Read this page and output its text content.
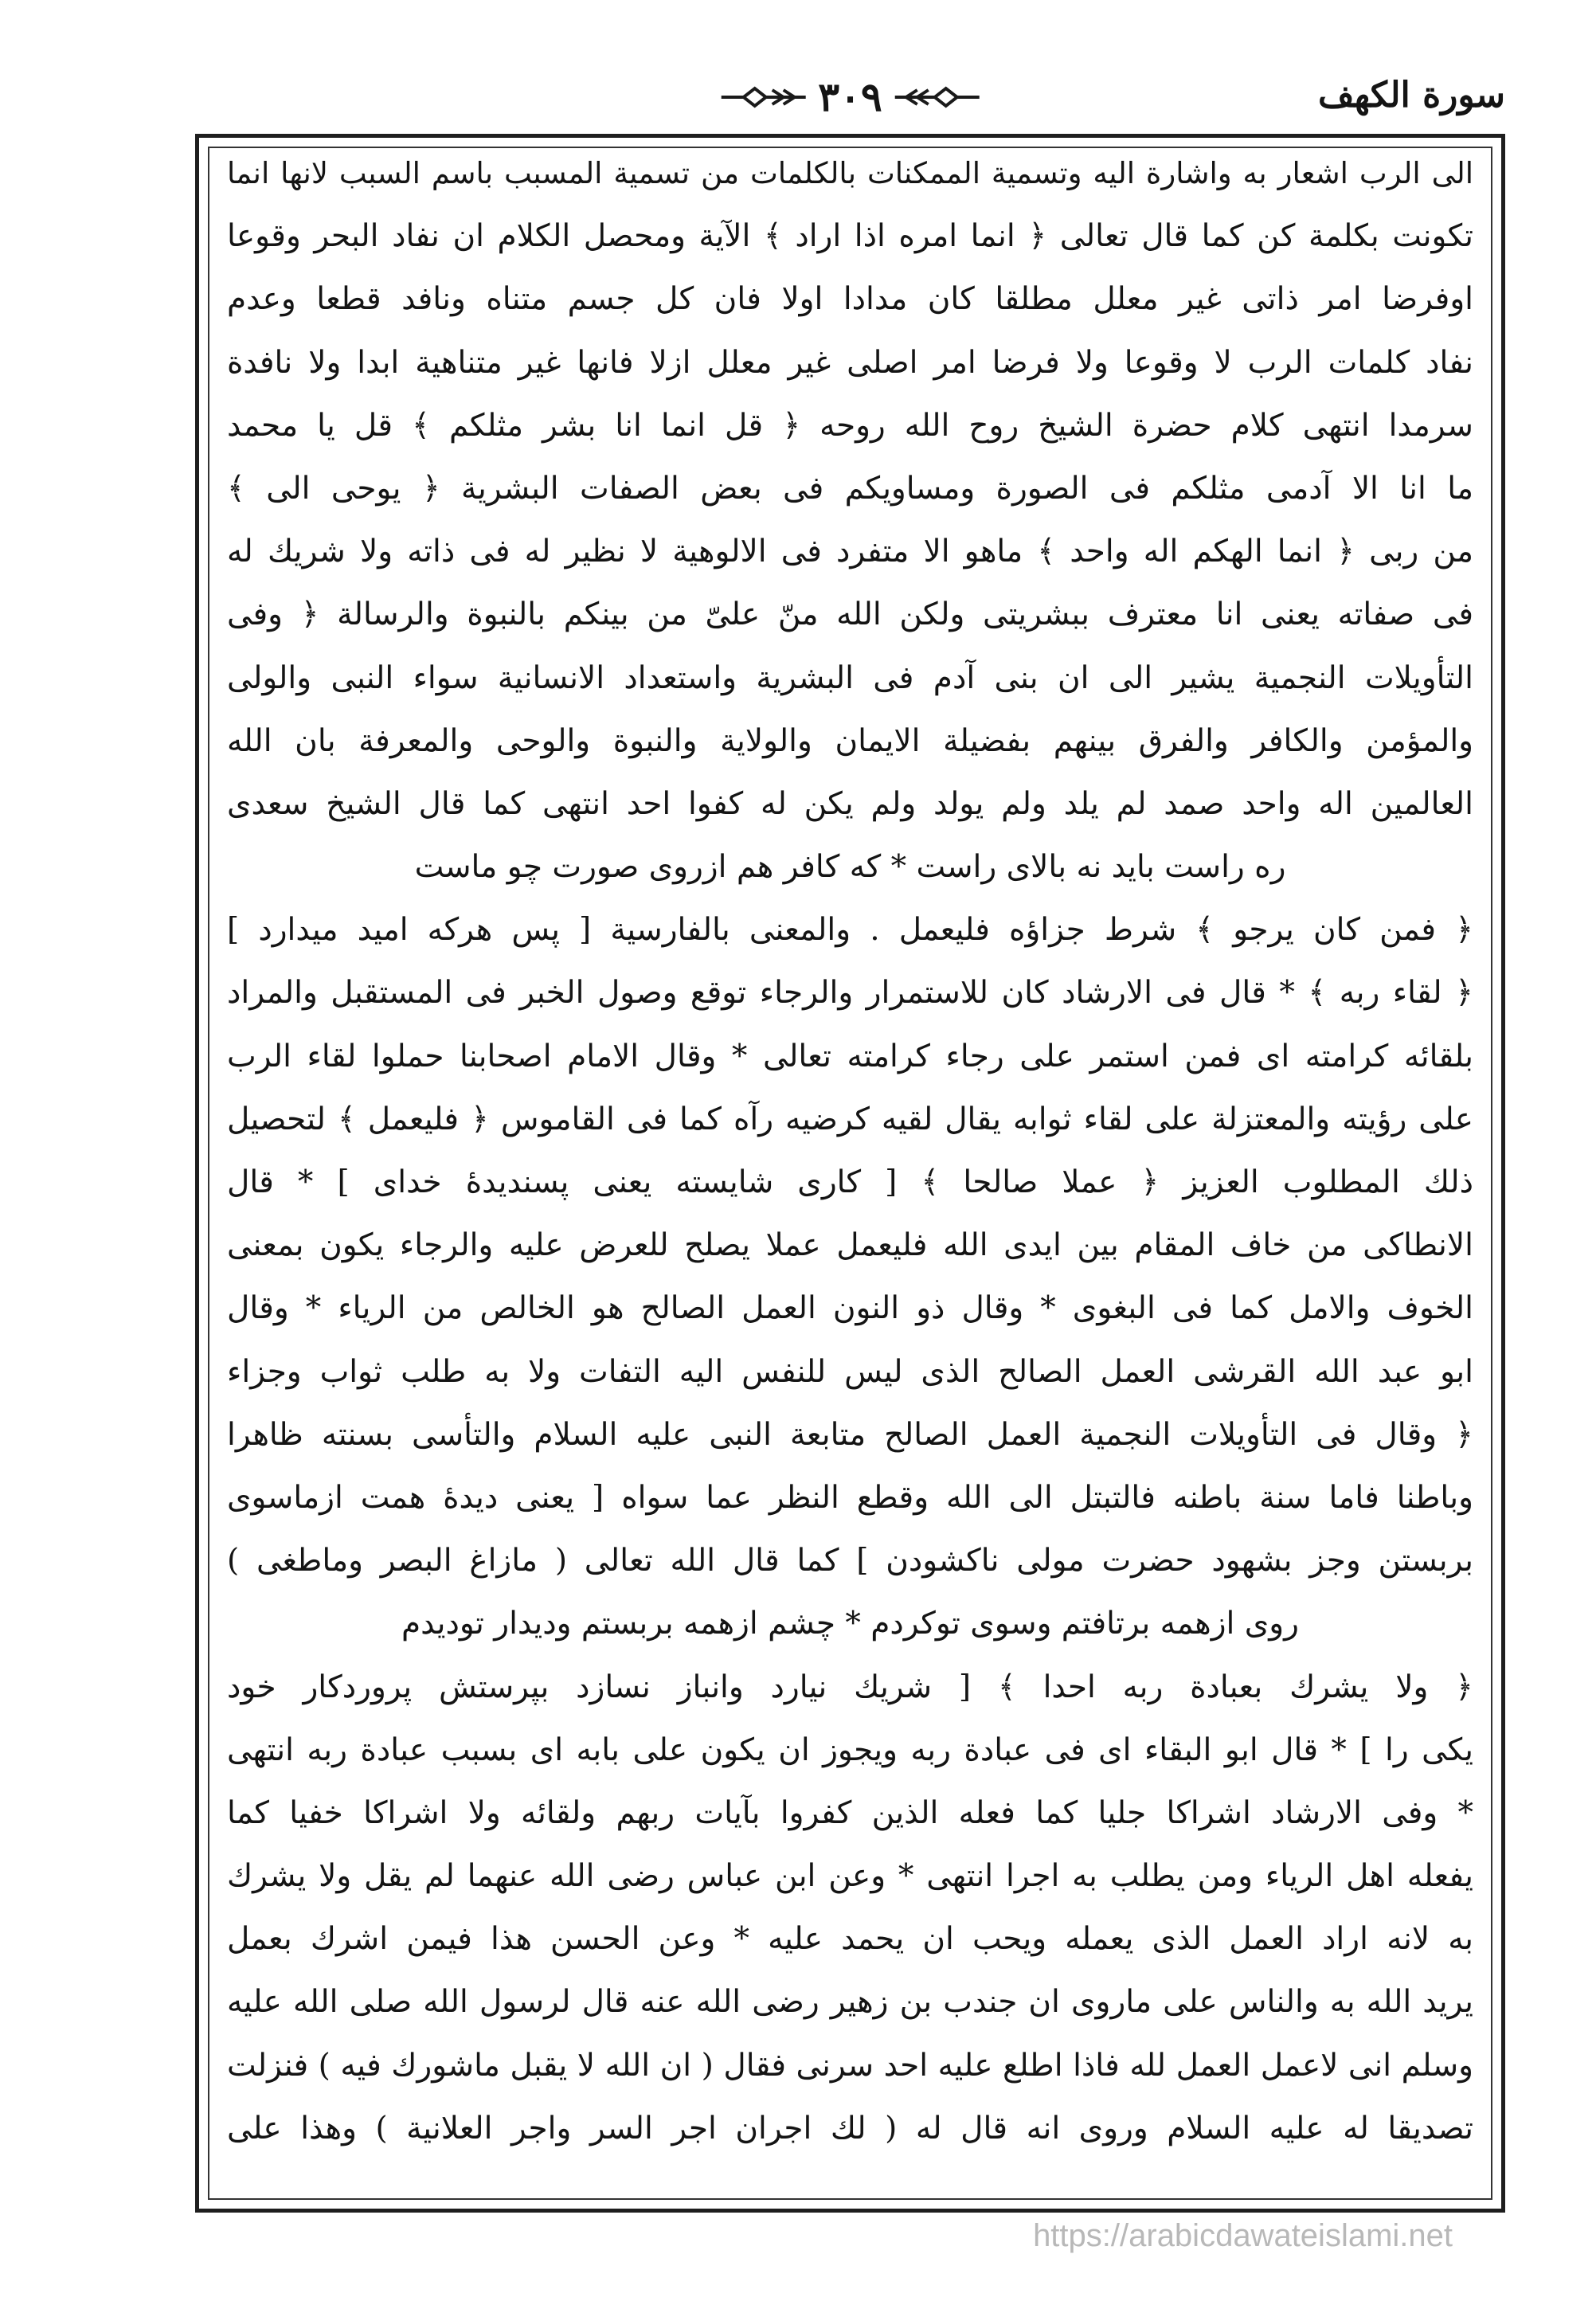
سورة الكهف
٣٠٩
الى الرب اشعار به واشارة اليه وتسمية الممكنات بالكلمات من تسمية المسبب باسم السبب لانها انما
تكونت بكلمة كن كما قال تعالى ﴿ انما امره اذا اراد ﴾ الآية ومحصل الكلام ان نفاد البحر وقوعا
اوفرضا امر ذاتى غير معلل مطلقا كان مدادا اولا فان كل جسم متناه ونافد قطعا وعدم
نفاد كلمات الرب لا وقوعا ولا فرضا امر اصلى غير معلل ازلا فانها غير متناهية ابدا ولا نافدة
سرمدا انتهى كلام حضرة الشيخ روح الله روحه ﴿ قل انما انا بشر مثلكم ﴾ قل يا محمد
ما انا الا آدمى مثلكم فى الصورة ومساويكم فى بعض الصفات البشرية ﴿ يوحى الى ﴾
من ربى ﴿ انما الهكم اله واحد ﴾ ماهو الا متفرد فى الالوهية لا نظير له فى ذاته ولا شريك له
فى صفاته يعنى انا معترف ببشريتى ولكن الله منّ علىّ من بينكم بالنبوة والرسالة ﴿ وفى
التأويلات النجمية يشير الى ان بنى آدم فى البشرية واستعداد الانسانية سواء النبى والولى
والمؤمن والكافر والفرق بينهم بفضيلة الايمان والولاية والنبوة والوحى والمعرفة بان الله
العالمين اله واحد صمد لم يلد ولم يولد ولم يكن له كفوا احد انتهى كما قال الشيخ سعدى
ره راست بايد نه بالاى راست * كه كافر هم ازروى صورت چو ماست
﴿ فمن كان يرجو ﴾ شرط جزاؤه فليعمل . والمعنى بالفارسية [ پس هركه اميد ميدارد ]
﴿ لقاء ربه ﴾ * قال فى الارشاد كان للاستمرار والرجاء توقع وصول الخبر فى المستقبل والمراد
بلقائه كرامته اى فمن استمر على رجاء كرامته تعالى * وقال الامام اصحابنا حملوا لقاء الرب
على رؤيته والمعتزلة على لقاء ثوابه يقال لقيه كرضيه رآه كما فى القاموس ﴿ فليعمل ﴾ لتحصيل
ذلك المطلوب العزيز ﴿ عملا صالحا ﴾ [ كارى شايسته يعنى پسنديدۀ خداى ] * قال
الانطاكى من خاف المقام بين ايدى الله فليعمل عملا يصلح للعرض عليه والرجاء يكون بمعنى
الخوف والامل كما فى البغوى * وقال ذو النون العمل الصالح هو الخالص من الرياء * وقال
ابو عبد الله القرشى العمل الصالح الذى ليس للنفس اليه التفات ولا به طلب ثواب وجزاء
﴿ وقال فى التأويلات النجمية العمل الصالح متابعة النبى عليه السلام والتأسى بسنته ظاهرا
وباطنا فاما سنة باطنه فالتبتل الى الله وقطع النظر عما سواه [ يعنى ديدۀ همت ازماسوى
بربستن وجز بشهود حضرت مولى ناكشودن ] كما قال الله تعالى ( مازاغ البصر وماطغى )
روى ازهمه برتافتم وسوى توكردم * چشم ازهمه بربستم وديدار توديدم
﴿ ولا يشرك بعبادة ربه احدا ﴾ [ شريك نيارد وانباز نسازد بپرستش پروردكار خود
يكى را ] * قال ابو البقاء اى فى عبادة ربه ويجوز ان يكون على بابه اى بسبب عبادة ربه انتهى
* وفى الارشاد اشراكا جليا كما فعله الذين كفروا بآيات ربهم ولقائه ولا اشراكا خفيا كما
يفعله اهل الرياء ومن يطلب به اجرا انتهى * وعن ابن عباس رضى الله عنهما لم يقل ولا يشرك
به لانه اراد العمل الذى يعمله ويحب ان يحمد عليه * وعن الحسن هذا فيمن اشرك بعمل
يريد الله به والناس على ماروى ان جندب بن زهير رضى الله عنه قال لرسول الله صلى الله عليه
وسلم انى لاعمل العمل لله فاذا اطلع عليه احد سرنى فقال ( ان الله لا يقبل ماشورك فيه ) فنزلت
تصديقا له عليه السلام وروى انه قال له ( لك اجران اجر السر واجر العلانية ) وهذا على
https://arabicdawateislami.net
